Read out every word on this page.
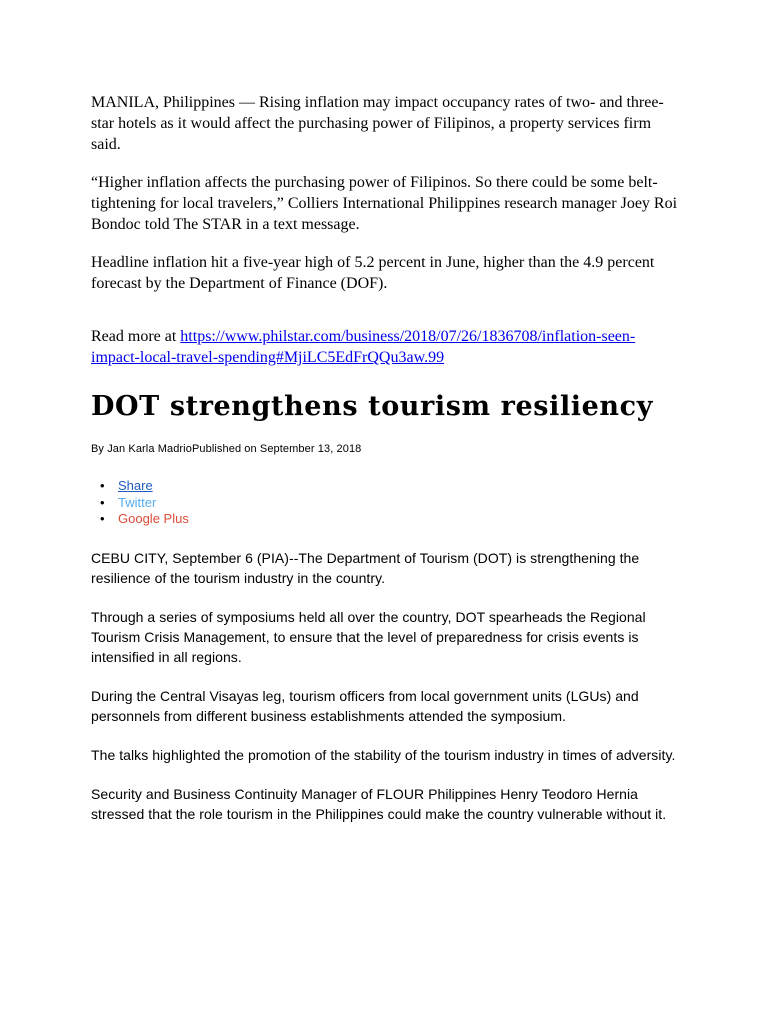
MANILA, Philippines — Rising inflation may impact occupancy rates of two- and three-star hotels as it would affect the purchasing power of Filipinos, a property services firm said.

“Higher inflation affects the purchasing power of Filipinos. So there could be some belt-tightening for local travelers,” Colliers International Philippines research manager Joey Roi Bondoc told The STAR in a text message.

Headline inflation hit a five-year high of 5.2 percent in June, higher than the 4.9 percent forecast by the Department of Finance (DOF).

Read more at https://www.philstar.com/business/2018/07/26/1836708/inflation-seen-impact-local-travel-spending#MjiLC5EdFrQQu3aw.99

DOT strengthens tourism resiliency

By Jan Karla MadrioPublished on September 13, 2018

• Share
• Twitter
• Google Plus

CEBU CITY, September 6 (PIA)--The Department of Tourism (DOT) is strengthening the resilience of the tourism industry in the country.

Through a series of symposiums held all over the country, DOT spearheads the Regional Tourism Crisis Management, to ensure that the level of preparedness for crisis events is intensified in all regions.

During the Central Visayas leg, tourism officers from local government units (LGUs) and personnels from different business establishments attended the symposium.

The talks highlighted the promotion of the stability of the tourism industry in times of adversity.

Security and Business Continuity Manager of FLOUR Philippines Henry Teodoro Hernia stressed that the role tourism in the Philippines could make the country vulnerable without it.
